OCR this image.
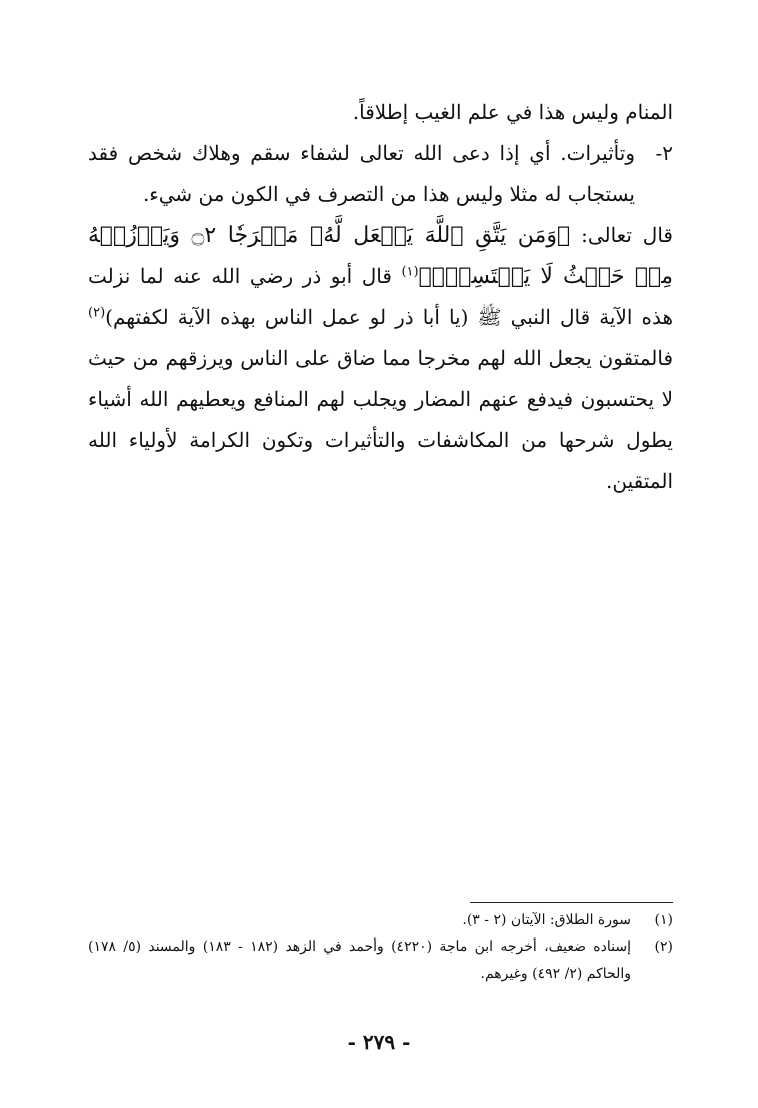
المنام وليس هذا في علم الغيب إطلاقاً.

٢-
وتأثيرات. أي إذا دعى الله تعالى لشفاء سقم وهلاك شخص فقد يستجاب له مثلا وليس هذا من التصرف في الكون من شيء.

قال تعالى: ﴿وَمَن يَتَّقِ ٱللَّهَ يَجۡعَل لَّهُۥ مَخۡرَجٗا ۝٢ وَيَرۡزُقۡهُ مِنۡ حَيۡثُ لَا يَحۡتَسِبُۚ﴾$^{(١)}$ قال أبو ذر رضي الله عنه لما نزلت هذه الآية قال النبي ﷺ (يا أبا ذر لو عمل الناس بهذه الآية لكفتهم)$^{(٢)}$ فالمتقون يجعل الله لهم مخرجا مما ضاق على الناس ويرزقهم من حيث لا يحتسبون فيدفع عنهم المضار ويجلب لهم المنافع ويعطيهم الله أشياء يطول شرحها من المكاشفات والتأثيرات وتكون الكرامة لأولياء الله المتقين.

(١)
سورة الطلاق: الآيتان (٢ - ٣).
(٢)
إسناده ضعيف، أخرجه ابن ماجة (٤٢٢٠) وأحمد في الزهد (١٨٢ - ١٨٣) والمسند (٥/ ١٧٨) والحاكم (٢/ ٤٩٢) وغيرهم.
- ٢٧٩ -
